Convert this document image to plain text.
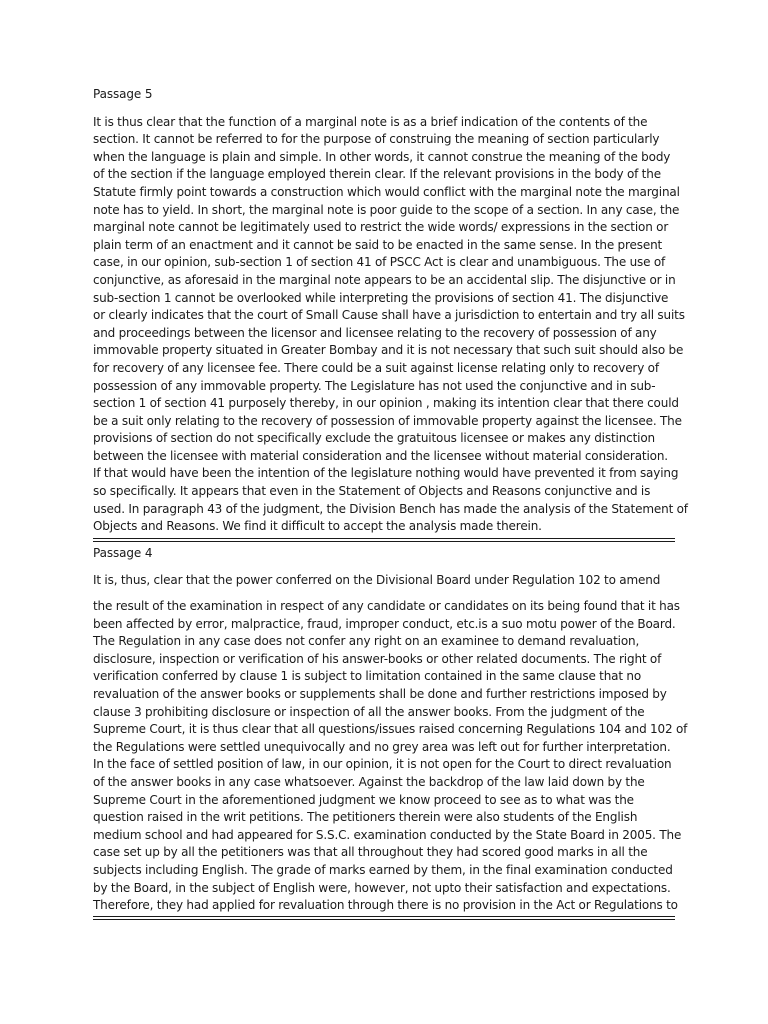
Passage 5

It is thus clear that the function of a marginal note is as a brief indication of the contents of the
section. It cannot be referred to for the purpose of construing the meaning of section particularly
when the language is plain and simple. In other words, it cannot construe the meaning of the body
of the section if the language employed therein clear. If the relevant provisions in the body of the
Statute firmly point towards a construction which would conflict with the marginal note the marginal
note has to yield. In short, the marginal note is poor guide to the scope of a section. In any case, the
marginal note cannot be legitimately used to restrict the wide words/ expressions in the section or
plain term of an enactment and it cannot be said to be enacted in the same sense. In the present
case, in our opinion, sub-section 1 of section 41 of PSCC Act is clear and unambiguous. The use of
conjunctive, as aforesaid in the marginal note appears to be an accidental slip. The disjunctive or in
sub-section 1 cannot be overlooked while interpreting the provisions of section 41. The disjunctive
or clearly indicates that the court of Small Cause shall have a jurisdiction to entertain and try all suits
and proceedings between the licensor and licensee relating to the recovery of possession of any
immovable property situated in Greater Bombay and it is not necessary that such suit should also be
for recovery of any licensee fee. There could be a suit against license relating only to recovery of
possession of any immovable property. The Legislature has not used the conjunctive and in sub-
section 1 of section 41 purposely thereby, in our opinion , making its intention clear that there could
be a suit only relating to the recovery of possession of immovable property against the licensee. The
provisions of section do not specifically exclude the gratuitous licensee or makes any distinction
between the licensee with material consideration and the licensee without material consideration.
If that would have been the intention of the legislature nothing would have prevented it from saying
so specifically. It appears that even in the Statement of Objects and Reasons conjunctive and is
used. In paragraph 43 of the judgment, the Division Bench has made the analysis of the Statement of
Objects and Reasons. We find it difficult to accept the analysis made therein.

Passage 4

It is, thus, clear that the power conferred on the Divisional Board under Regulation 102 to amend

the result of the examination in respect of any candidate or candidates on its being found that it has
been affected by error, malpractice, fraud, improper conduct, etc.is a suo motu power of the Board.
The Regulation in any case does not confer any right on an examinee to demand revaluation,
disclosure, inspection or verification of his answer-books or other related documents. The right of
verification conferred by clause 1 is subject to limitation contained in the same clause that no
revaluation of the answer books or supplements shall be done and further restrictions imposed by
clause 3 prohibiting disclosure or inspection of all the answer books. From the judgment of the
Supreme Court, it is thus clear that all questions/issues raised concerning Regulations 104 and 102 of
the Regulations were settled unequivocally and no grey area was left out for further interpretation.
In the face of settled position of law, in our opinion, it is not open for the Court to direct revaluation
of the answer books in any case whatsoever. Against the backdrop of the law laid down by the
Supreme Court in the aforementioned judgment we know proceed to see as to what was the
question raised in the writ petitions. The petitioners therein were also students of the English
medium school and had appeared for S.S.C. examination conducted by the State Board in 2005. The
case set up by all the petitioners was that all throughout they had scored good marks in all the
subjects including English. The grade of marks earned by them, in the final examination conducted
by the Board, in the subject of English were, however, not upto their satisfaction and expectations.
Therefore, they had applied for revaluation through there is no provision in the Act or Regulations to
